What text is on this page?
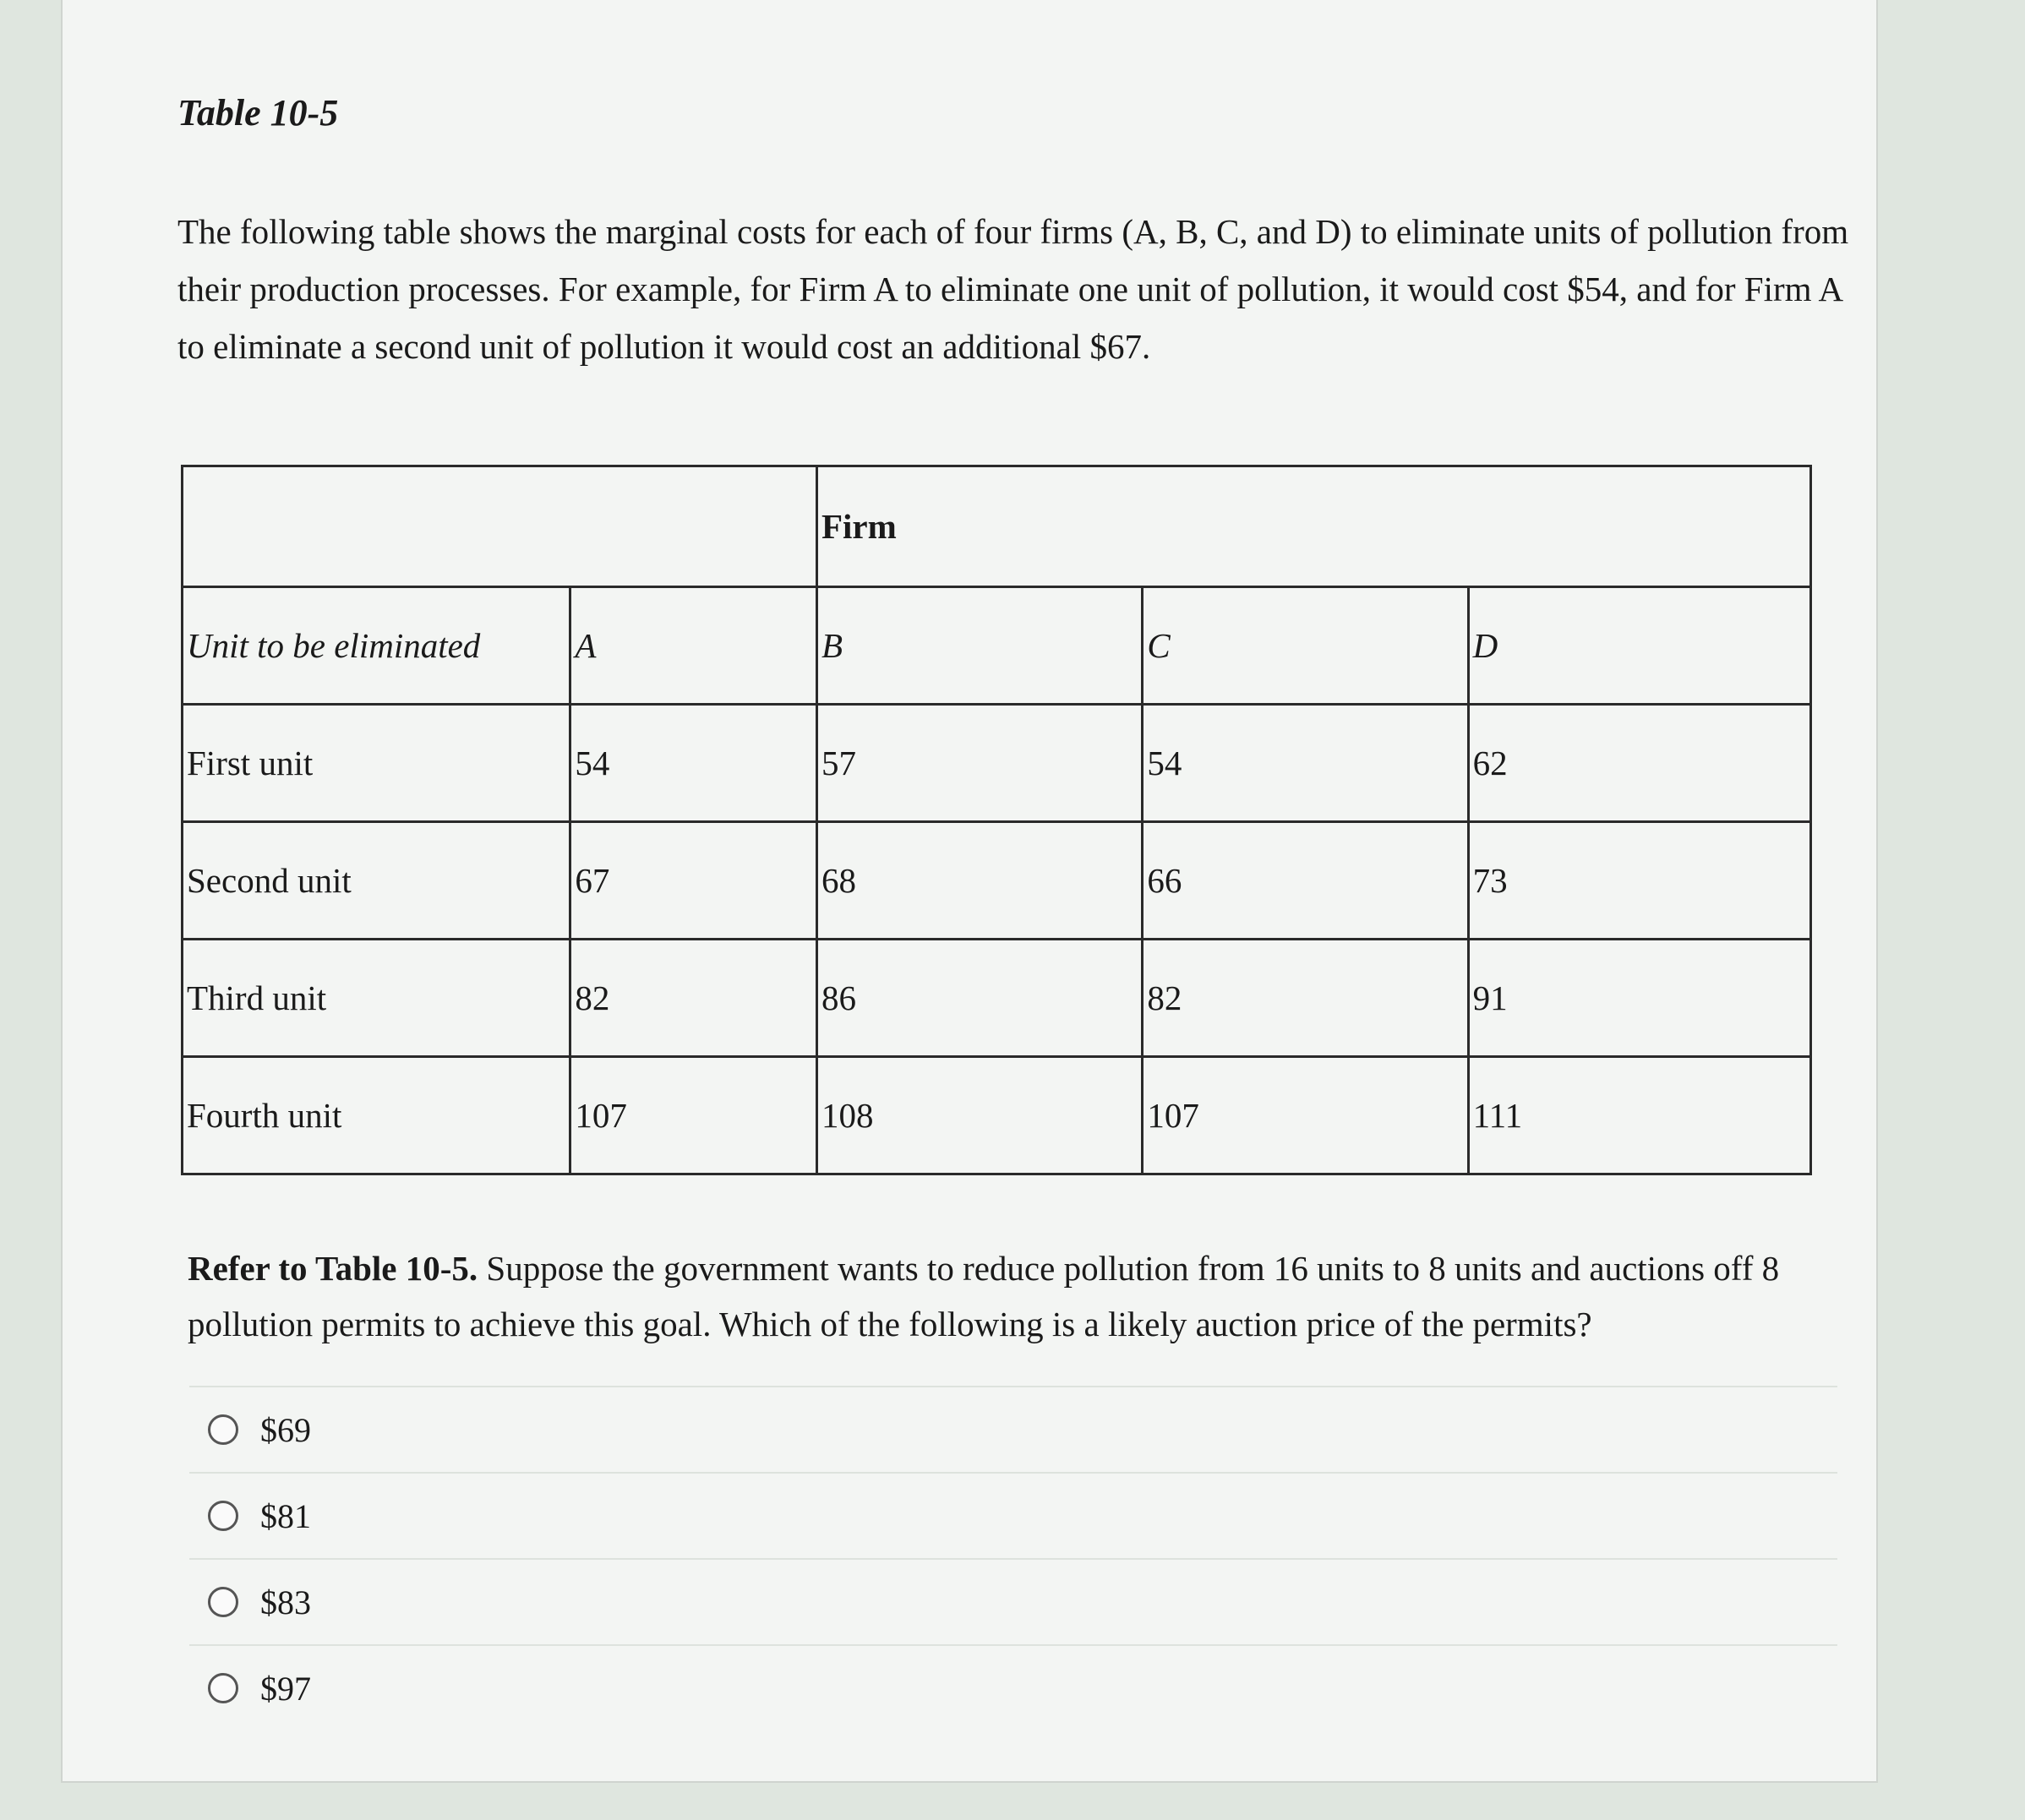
Table 10-5

The following table shows the marginal costs for each of four firms (A, B, C, and D) to eliminate units of pollution from their production processes. For example, for Firm A to eliminate one unit of pollution, it would cost $54, and for Firm A to eliminate a second unit of pollution it would cost an additional $67.

		Firm		
Unit to be eliminated	A	B	C	D
First unit	54	57	54	62
Second unit	67	68	66	73
Third unit	82	86	82	91
Fourth unit	107	108	107	111

Refer to Table 10-5. Suppose the government wants to reduce pollution from 16 units to 8 units and auctions off 8 pollution permits to achieve this goal. Which of the following is a likely auction price of the permits?

$69
$81
$83
$97
